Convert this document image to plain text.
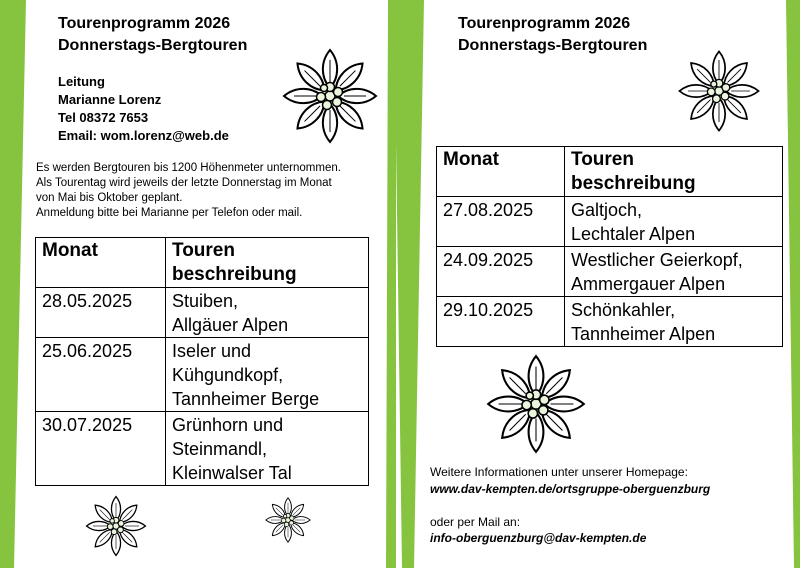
Tourenprogramm 2026
Donnerstags-Bergtouren
Leitung
Marianne Lorenz
Tel 08372 7653
Email: wom.lorenz@web.de
Es werden Bergtouren bis 1200 Höhenmeter unternommen.
Als Tourentag wird jeweils der letzte Donnerstag im Monat
von Mai bis Oktober geplant.
Anmeldung bitte bei Marianne per Telefon oder mail.
Monat	Touren
beschreibung

28.05.2025	Stuiben,
Allgäuer Alpen

25.06.2025	Iseler und
Kühgundkopf,
Tannheimer Berge

30.07.2025	Grünhorn und
Steinmandl,
Kleinwalser Tal
Tourenprogramm 2026
Donnerstags-Bergtouren
Monat	Touren
beschreibung

27.08.2025	Galtjoch,
Lechtaler Alpen

24.09.2025	Westlicher Geierkopf,
Ammergauer Alpen

29.10.2025	Schönkahler,
Tannheimer Alpen
Weitere Informationen unter unserer Homepage:
www.dav-kempten.de/ortsgruppe-oberguenzburg
oder per Mail an:
info-oberguenzburg@dav-kempten.de
